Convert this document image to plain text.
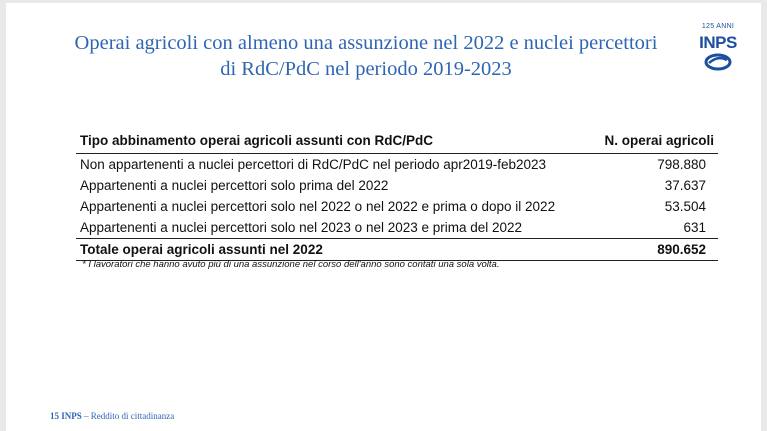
Operai agricoli con almeno una assunzione nel 2022 e nuclei percettori
di RdC/PdC nel periodo 2019-2023
125 ANNI
INPS
Tipo abbinamento operai agricoli assunti con RdC/PdC	N. operai agricoli
Non appartenenti a nuclei percettori di RdC/PdC nel periodo apr2019-feb2023	798.880
Appartenenti a nuclei percettori solo prima del 2022	37.637
Appartenenti a nuclei percettori solo nel 2022 o nel 2022 e prima o dopo il 2022	53.504
Appartenenti a nuclei percettori solo nel 2023 o nel 2023 e prima del 2022	631
Totale operai agricoli assunti nel 2022	890.652
* I lavoratori che hanno avuto più di una assunzione nel corso dell'anno sono contati una sola volta.
15 INPS – Reddito di cittadinanza
